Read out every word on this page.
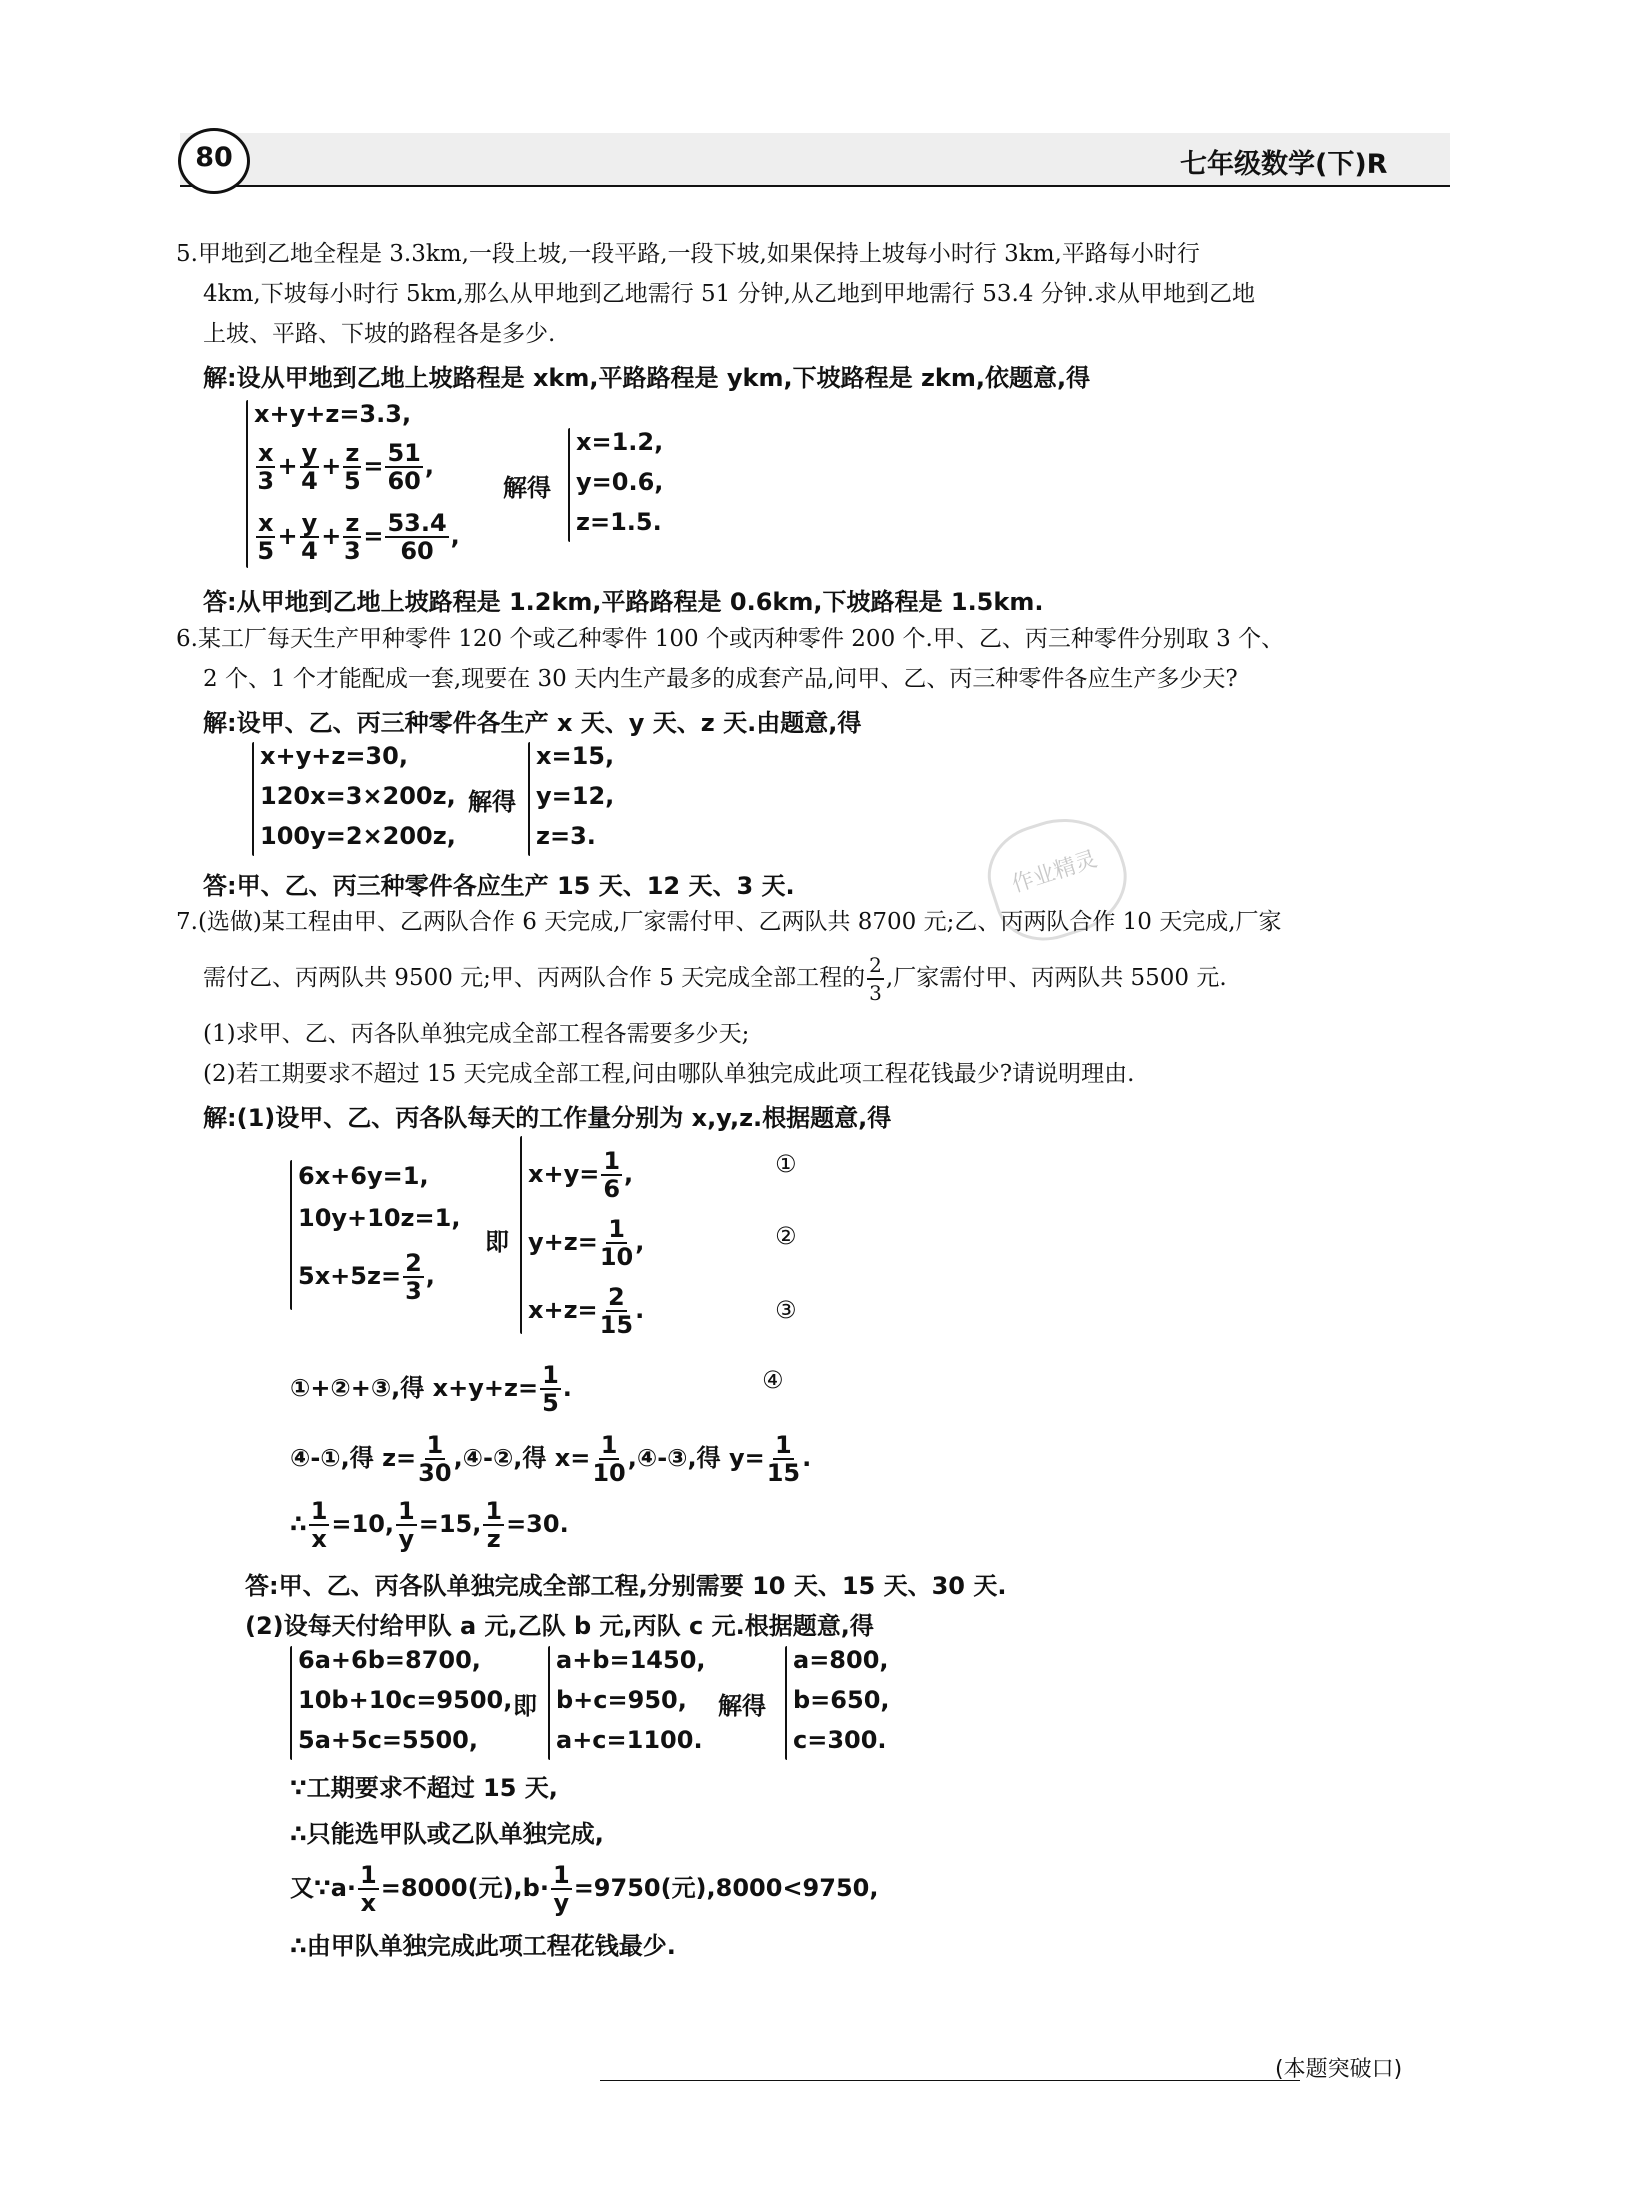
80	七年级数学(下)R
5.甲地到乙地全程是 3.3km,一段上坡,一段平路,一段下坡,如果保持上坡每小时行 3km,平路每小时行
4km,下坡每小时行 5km,那么从甲地到乙地需行 51 分钟,从乙地到甲地需行 53.4 分钟.求从甲地到乙地
上坡、平路、下坡的路程各是多少.
解:设从甲地到乙地上坡路程是 xkm,平路路程是 ykm,下坡路程是 zkm,依题意,得
x+y+z=3.3,
$\frac{x}{3} + \frac{y}{4} + \frac{z}{5} = \frac{51}{60}$ ,
$\frac{x}{5} + \frac{y}{4} + \frac{z}{3} = \frac{53.4}{60}$ ,
解得
x=1.2,
y=0.6,
z=1.5.
答:从甲地到乙地上坡路程是 1.2km,平路路程是 0.6km,下坡路程是 1.5km.
6.某工厂每天生产甲种零件 120 个或乙种零件 100 个或丙种零件 200 个.甲、乙、丙三种零件分别取 3 个、
2 个、1 个才能配成一套,现要在 30 天内生产最多的成套产品,问甲、乙、丙三种零件各应生产多少天?
解:设甲、乙、丙三种零件各生产 x 天、y 天、z 天.由题意,得
x+y+z=30,
120x=3×200z,
100y=2×200z,
解得
x=15,
y=12,
z=3.
答:甲、乙、丙三种零件各应生产 15 天、12 天、3 天.	作业精灵
7.(选做)某工程由甲、乙两队合作 6 天完成,厂家需付甲、乙两队共 8700 元;乙、丙两队合作 10 天完成,厂家
需付乙、丙两队共 9500 元;甲、丙两队合作 5 天完成全部工程的 $\frac{2}{3}$ ,厂家需付甲、丙两队共 5500 元.
(1)求甲、乙、丙各队单独完成全部工程各需要多少天;
(2)若工期要求不超过 15 天完成全部工程,问由哪队单独完成此项工程花钱最少?请说明理由.
解:(1)设甲、乙、丙各队每天的工作量分别为 x,y,z.根据题意,得
6x+6y=1,
10y+10z=1,
$5x+5z= \frac{2}{3}$ ,
即
$x+y= \frac{1}{6}$ ,
$y+z= \frac{1}{10}$ ,
$x+z= \frac{2}{15}$ .
①
②
③
①+②+③,得 $x+y+z= \frac{1}{5}$ .	④
④-①,得 $z= \frac{1}{30}$ ,④-②,得 $x= \frac{1}{10}$ ,④-③,得 $y= \frac{1}{15}$ .
∴ $\frac{1}{x} =10$, $\frac{1}{y} =15$, $\frac{1}{z} =30$.
答:甲、乙、丙各队单独完成全部工程,分别需要 10 天、15 天、30 天.
(2)设每天付给甲队 a 元,乙队 b 元,丙队 c 元.根据题意,得
6a+6b=8700,
10b+10c=9500,
5a+5c=5500,
即
a+b=1450,
b+c=950,
a+c=1100.
解得
a=800,
b=650,
c=300.
∵工期要求不超过 15 天,
∴只能选甲队或乙队单独完成,
又∵a· $\frac{1}{x} =8000$(元)$,b\cdot \frac{1}{y} =9750$(元),8000<9750,
∴由甲队单独完成此项工程花钱最少.
(本题突破口)
